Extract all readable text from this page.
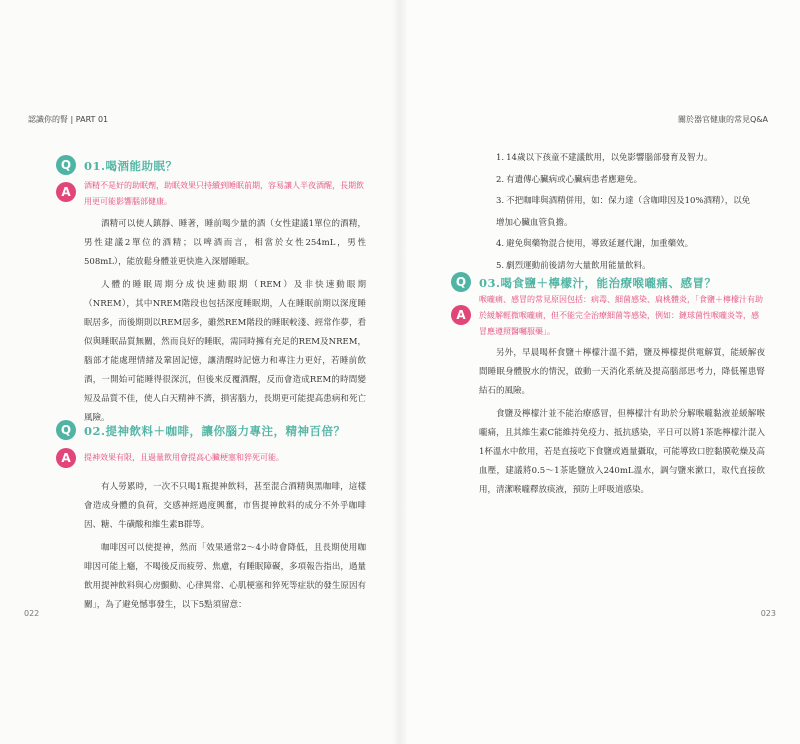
認識你的腎 | PART 01	關於器官健康的常見Q&A
Q	01.喝酒能助眠？
A	酒精不是好的助眠劑，助眠效果只持續到睡眠前期，容易讓人半夜酒醒，長期飲用更可能影響腦部健康。

酒精可以使人鎮靜、睡著，睡前喝少量的酒（女性建議1單位的酒精，男性建議2單位的酒精；以啤酒而言，相當於女性254mL，男性508mL），能放鬆身體並更快進入深層睡眠。

人體的睡眠周期分成快速動眼期（REM）及非快速動眼期（NREM），其中NREM階段也包括深度睡眠期，人在睡眠前期以深度睡眠居多，而後期則以REM居多，雖然REM階段的睡眠較淺、經常作夢，看似與睡眠品質無關，然而良好的睡眠，需同時擁有充足的REM及NREM，腦部才能處理情緒及鞏固記憶，讓清醒時記憶力和專注力更好，若睡前飲酒，一開始可能睡得很深沉，但後來反覆酒醒，反而會造成REM的時間變短及品質不佳，使人白天精神不濟，損害腦力，長期更可能提高患病和死亡風險。

Q	02.提神飲料＋咖啡，讓你腦力專注，精神百倍？
A	提神效果有限，且過量飲用會提高心臟梗塞和猝死可能。

有人勞累時，一次不只喝1瓶提神飲料，甚至混合酒精與黑咖啡，這樣會造成身體的負荷，交感神經過度興奮，市售提神飲料的成分不外乎咖啡因、糖、牛磺酸和維生素B群等。

咖啡因可以使提神，然而「效果通常2～4小時會降低，且長期使用咖啡因可能上癮，不喝後反而疲勞、焦慮，有睡眠障礙，多項報告指出，過量飲用提神飲料與心房顫動、心律異常、心肌梗塞和猝死等症狀的發生原因有關」，為了避免憾事發生，以下5點須留意：

022	023
1. 14歲以下孩童不建議飲用，以免影響腦部發育及智力。
2. 有遺傳心臟病或心臟病患者應避免。
3. 不把咖啡與酒精併用，如：保力達（含咖啡因及10%酒精），以免增加心臟血管負擔。
4. 避免與藥物混合使用，導致延遲代謝，加重藥效。
5. 劇烈運動前後請勿大量飲用能量飲料。
Q	03.喝食鹽＋檸檬汁，能治療喉嚨痛、感冒？
A
喉嚨痛、感冒的常見原因包括：病毒、細菌感染、扁桃體炎，「食鹽＋檸檬汁有助於緩解輕微喉嚨痛，但不能完全治療細菌等感染，例如：鏈球菌性喉嚨炎等，感冒應遵照醫囑服藥」。

另外，早晨喝杯食鹽＋檸檬汁溫不錯，鹽及檸檬提供電解質，能緩解夜間睡眠身體脫水的情況，啟動一天消化系統及提高腦部思考力，降低罹患腎結石的風險。

食鹽及檸檬汁並不能治療感冒，但檸檬汁有助於分解喉嚨黏液並緩解喉嚨痛，且其維生素C能維持免疫力、抵抗感染，平日可以將1茶匙檸檬汁混入1杯溫水中飲用，若是直接吃下食鹽或過量攝取，可能導致口腔黏膜乾燥及高血壓，建議將0.5～1茶匙鹽放入240mL溫水，調勻鹽來漱口，取代直接飲用，清潔喉嚨釋放痰液，預防上呼吸道感染。
